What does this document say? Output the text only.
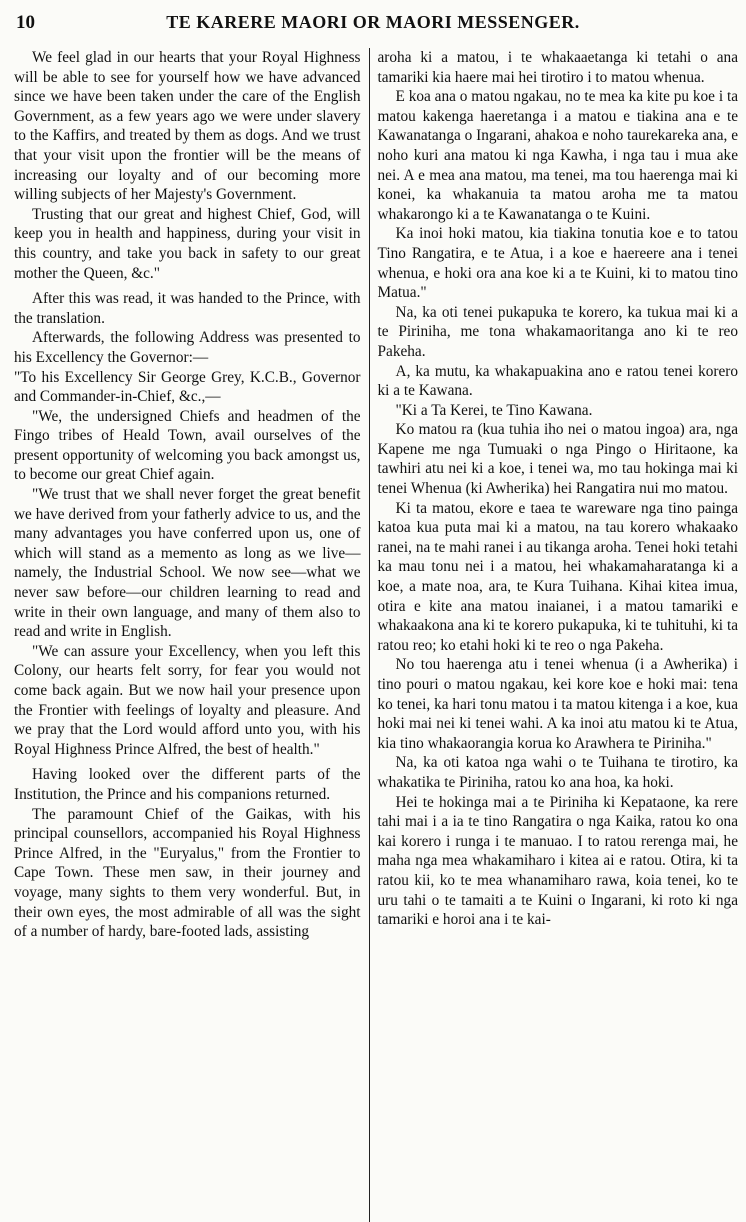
10	TE KARERE MAORI OR MAORI MESSENGER.

We feel glad in our hearts that your Royal Highness will be able to see for yourself how we have advanced since we have been taken under the care of the English Government, as a few years ago we were under slavery to the Kaffirs, and treated by them as dogs. And we trust that your visit upon the frontier will be the means of increasing our loyalty and of our becoming more willing subjects of her Majesty's Government.

Trusting that our great and highest Chief, God, will keep you in health and happiness, during your visit in this country, and take you back in safety to our great mother the Queen, &c."

After this was read, it was handed to the Prince, with the translation.

Afterwards, the following Address was presented to his Excellency the Governor:—

"To his Excellency Sir George Grey, K.C.B., Governor and Commander-in-Chief, &c.,—

"We, the undersigned Chiefs and headmen of the Fingo tribes of Heald Town, avail ourselves of the present opportunity of welcoming you back amongst us, to become our great Chief again.

"We trust that we shall never forget the great benefit we have derived from your fatherly advice to us, and the many advantages you have conferred upon us, one of which will stand as a memento as long as we live—namely, the Industrial School. We now see—what we never saw before—our children learning to read and write in their own language, and many of them also to read and write in English.

"We can assure your Excellency, when you left this Colony, our hearts felt sorry, for fear you would not come back again. But we now hail your presence upon the Frontier with feelings of loyalty and pleasure. And we pray that the Lord would afford unto you, with his Royal Highness Prince Alfred, the best of health."

Having looked over the different parts of the Institution, the Prince and his companions returned.

The paramount Chief of the Gaikas, with his principal counsellors, accompanied his Royal Highness Prince Alfred, in the "Euryalus," from the Frontier to Cape Town. These men saw, in their journey and voyage, many sights to them very wonderful. But, in their own eyes, the most admirable of all was the sight of a number of hardy, bare-footed lads, assisting

aroha ki a matou, i te whakaaetanga ki tetahi o ana tamariki kia haere mai hei tirotiro i to matou whenua.

E koa ana o matou ngakau, no te mea ka kite pu koe i ta matou kakenga haeretanga i a matou e tiakina ana e te Kawanatanga o Ingarani, ahakoa e noho taurekareka ana, e noho kuri ana matou ki nga Kawha, i nga tau i mua ake nei. A e mea ana matou, ma tenei, ma tou haerenga mai ki konei, ka whakanuia ta matou aroha me ta matou whakarongo ki a te Kawanatanga o te Kuini.

Ka inoi hoki matou, kia tiakina tonutia koe e to tatou Tino Rangatira, e te Atua, i a koe e haereere ana i tenei whenua, e hoki ora ana koe ki a te Kuini, ki to matou tino Matua."

Na, ka oti tenei pukapuka te korero, ka tukua mai ki a te Piriniha, me tona whakamaoritanga ano ki te reo Pakeha.

A, ka mutu, ka whakapuakina ano e ratou tenei korero ki a te Kawana.

"Ki a Ta Kerei, te Tino Kawana.

Ko matou ra (kua tuhia iho nei o matou ingoa) ara, nga Kapene me nga Tumuaki o nga Pingo o Hiritaone, ka tawhiri atu nei ki a koe, i tenei wa, mo tau hokinga mai ki tenei Whenua (ki Awherika) hei Rangatira nui mo matou.

Ki ta matou, ekore e taea te wareware nga tino painga katoa kua puta mai ki a matou, na tau korero whakaako ranei, na te mahi ranei i au tikanga aroha. Tenei hoki tetahi ka mau tonu nei i a matou, hei whakamaharatanga ki a koe, a mate noa, ara, te Kura Tuihana. Kihai kitea imua, otira e kite ana matou inaianei, i a matou tamariki e whakaakona ana ki te korero pukapuka, ki te tuhituhi, ki ta ratou reo; ko etahi hoki ki te reo o nga Pakeha.

No tou haerenga atu i tenei whenua (i a Awherika) i tino pouri o matou ngakau, kei kore koe e hoki mai: tena ko tenei, ka hari tonu matou i ta matou kitenga i a koe, kua hoki mai nei ki tenei wahi. A ka inoi atu matou ki te Atua, kia tino whakaorangia korua ko Arawhera te Piriniha."

Na, ka oti katoa nga wahi o te Tuihana te tirotiro, ka whakatika te Piriniha, ratou ko ana hoa, ka hoki.

Hei te hokinga mai a te Piriniha ki Kepataone, ka rere tahi mai i a ia te tino Rangatira o nga Kaika, ratou ko ona kai korero i runga i te manuao. I to ratou rerenga mai, he maha nga mea whakamiharo i kitea ai e ratou. Otira, ki ta ratou kii, ko te mea whanamiharo rawa, koia tenei, ko te uru tahi o te tamaiti a te Kuini o Ingarani, ki roto ki nga tamariki e horoi ana i te kai-
